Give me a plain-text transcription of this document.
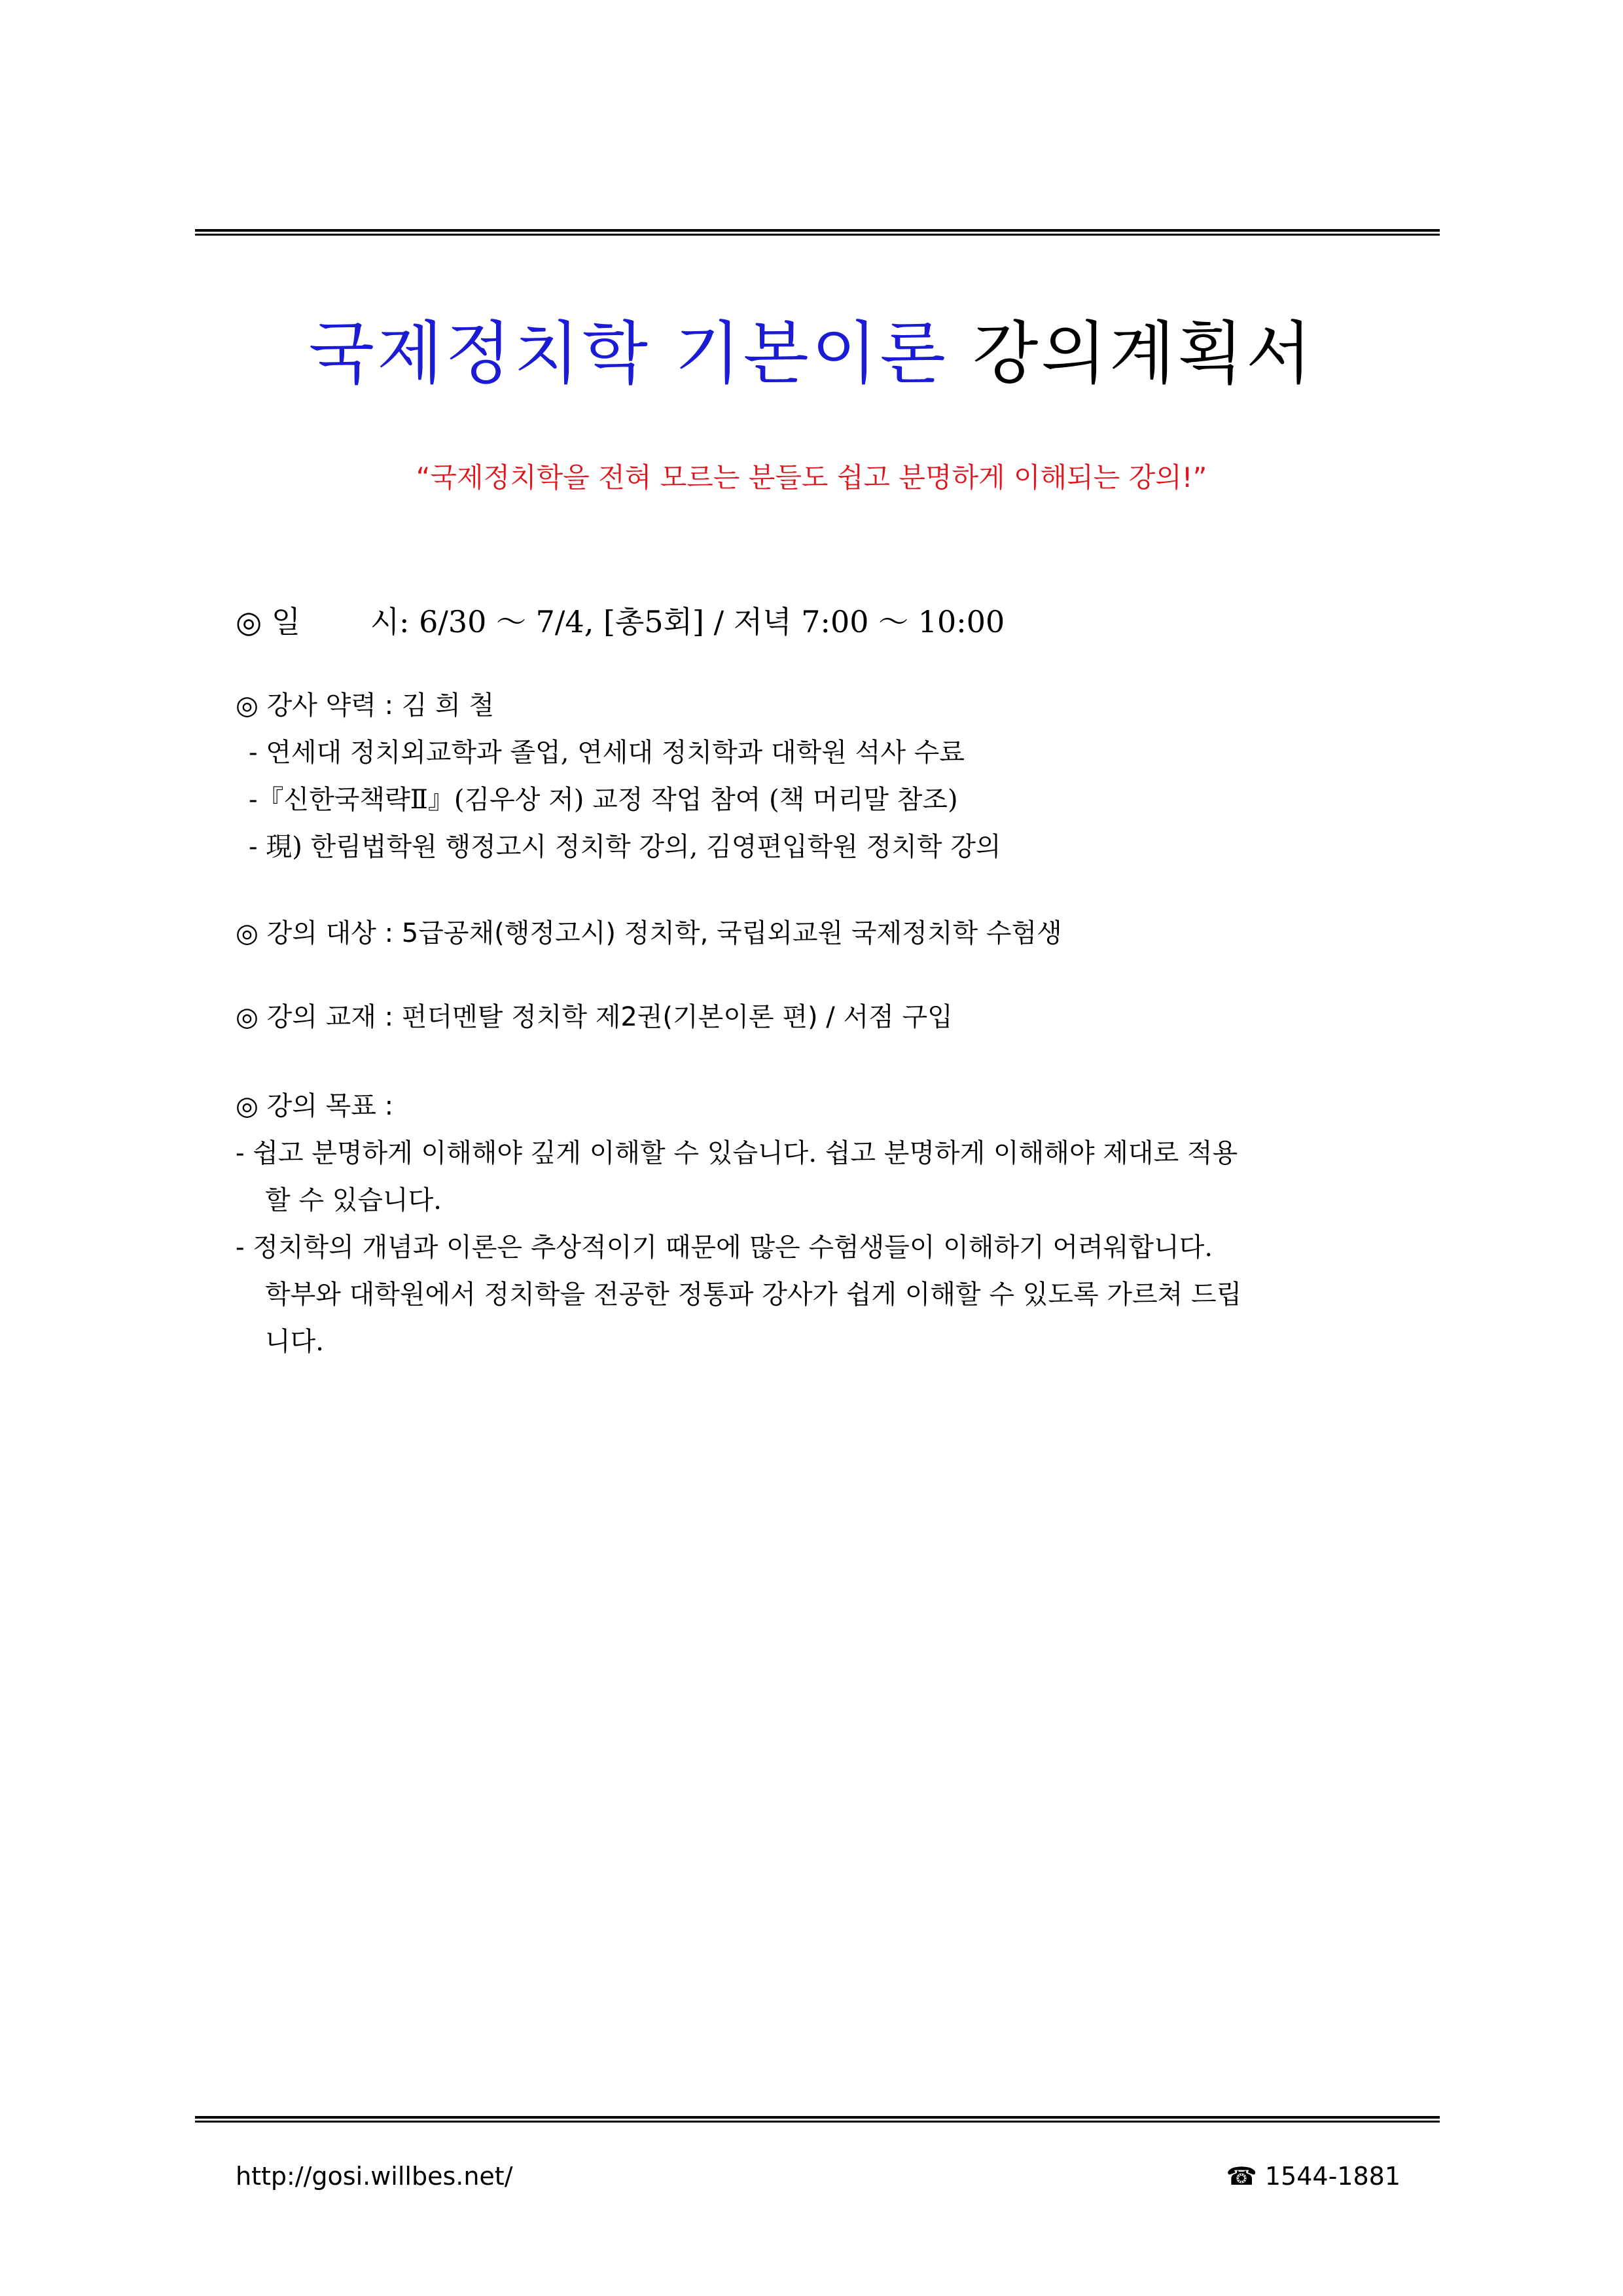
국제정치학 기본이론 강의계획서
“국제정치학을 전혀 모르는 분들도 쉽고 분명하게 이해되는 강의!”
◎ 일　　 시: 6/30 ～ 7/4, [총5회] / 저녁 7:00 ～ 10:00
◎ 강사 약력 : 김 희 철
- 연세대 정치외교학과 졸업, 연세대 정치학과 대학원 석사 수료
-『신한국책략Ⅱ』(김우상 저) 교정 작업 참여 (책 머리말 참조)
- 現) 한림법학원 행정고시 정치학 강의, 김영편입학원 정치학 강의
◎ 강의 대상 : 5급공채(행정고시) 정치학, 국립외교원 국제정치학 수험생
◎ 강의 교재 : 펀더멘탈 정치학 제2권(기본이론 편) / 서점 구입
◎ 강의 목표 :
- 쉽고 분명하게 이해해야 깊게 이해할 수 있습니다. 쉽고 분명하게 이해해야 제대로 적용
할 수 있습니다.
- 정치학의 개념과 이론은 추상적이기 때문에 많은 수험생들이 이해하기 어려워합니다.
학부와 대학원에서 정치학을 전공한 정통파 강사가 쉽게 이해할 수 있도록 가르쳐 드립
니다.
http://gosi.willbes.net/	☎ 1544-1881
